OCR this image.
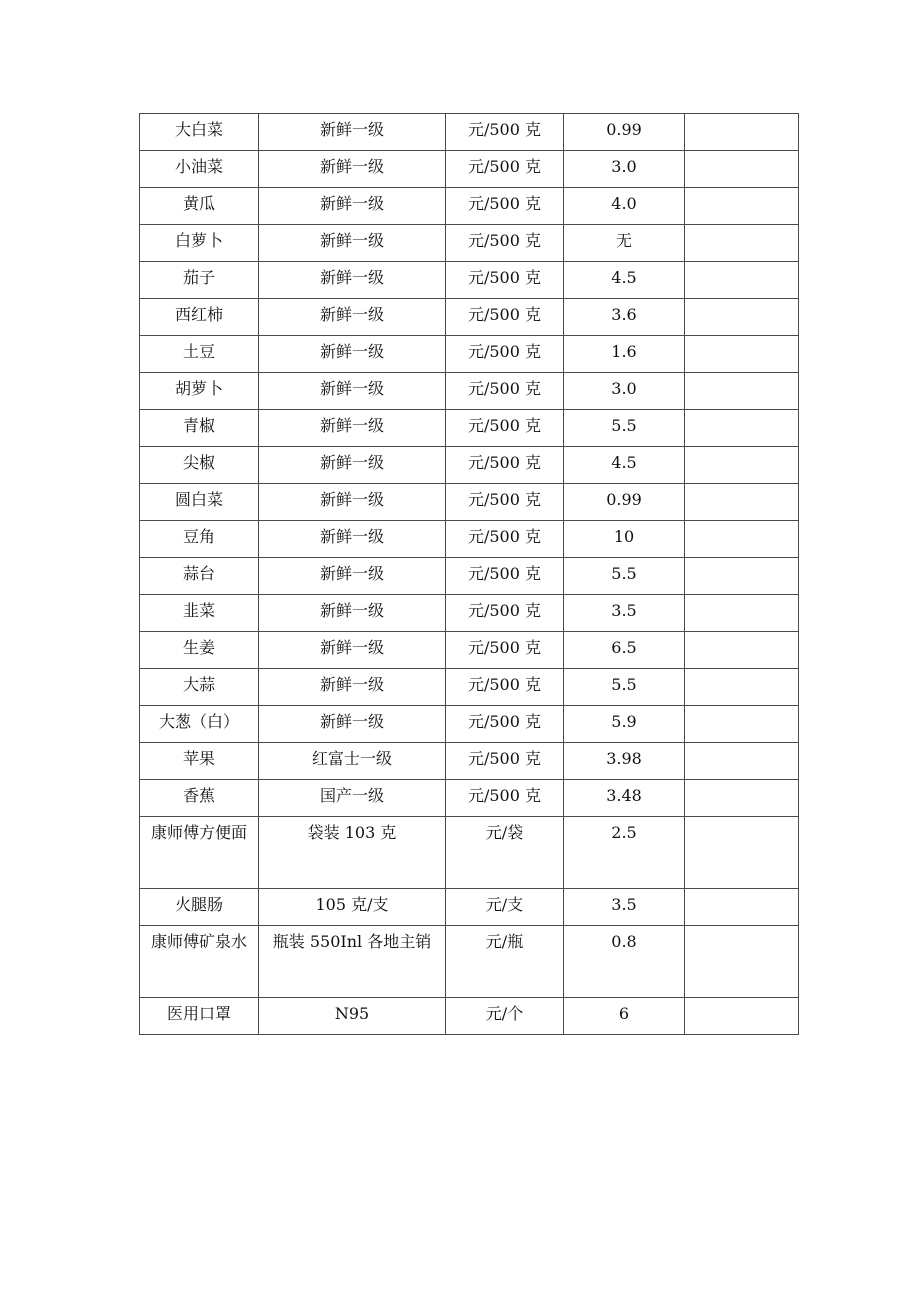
大白菜	新鲜一级	元/500 克	0.99	
小油菜	新鲜一级	元/500 克	3.0	
黄瓜	新鲜一级	元/500 克	4.0	
白萝卜	新鲜一级	元/500 克	无	
茄子	新鲜一级	元/500 克	4.5	
西红柿	新鲜一级	元/500 克	3.6	
土豆	新鲜一级	元/500 克	1.6	
胡萝卜	新鲜一级	元/500 克	3.0	
青椒	新鲜一级	元/500 克	5.5	
尖椒	新鲜一级	元/500 克	4.5	
圆白菜	新鲜一级	元/500 克	0.99	
豆角	新鲜一级	元/500 克	10	
蒜台	新鲜一级	元/500 克	5.5	
韭菜	新鲜一级	元/500 克	3.5	
生姜	新鲜一级	元/500 克	6.5	
大蒜	新鲜一级	元/500 克	5.5	
大葱（白）	新鲜一级	元/500 克	5.9	
苹果	红富士一级	元/500 克	3.98	
香蕉	国产一级	元/500 克	3.48	
康师傅方便面	袋装 103 克	元/袋	2.5	
火腿肠	105 克/支	元/支	3.5	
康师傅矿泉水	瓶装 550Inl 各地主销	元/瓶	0.8	
医用口罩	N95	元/个	6	
